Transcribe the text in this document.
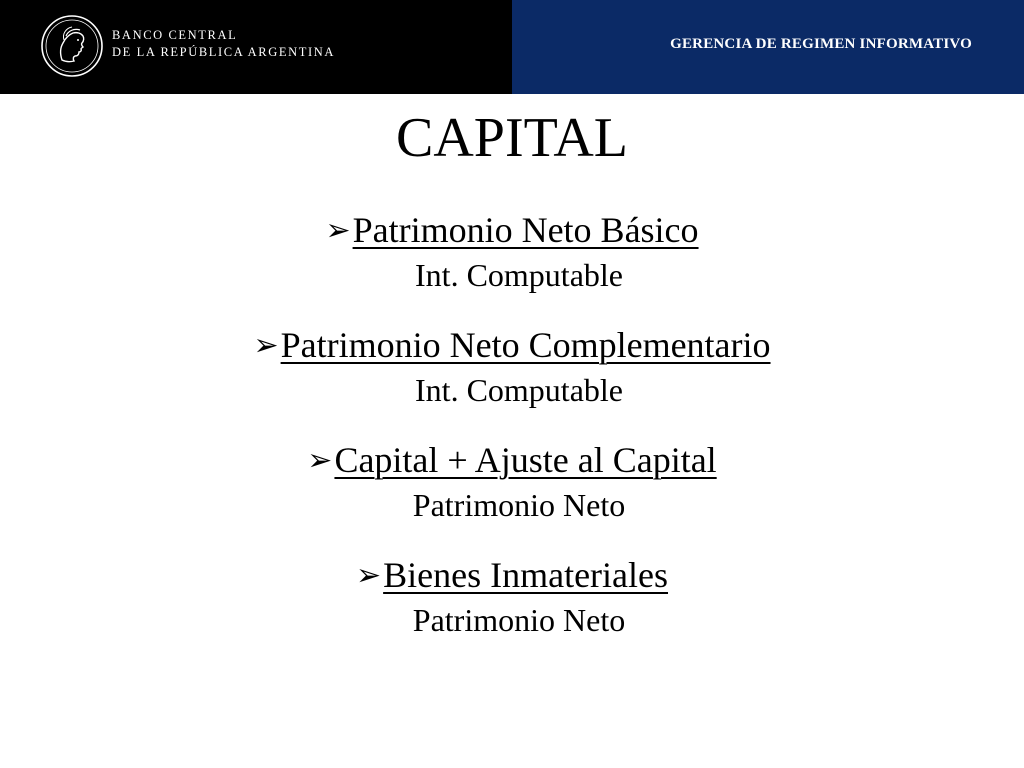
BANCO CENTRAL
DE LA REPÚBLICA ARGENTINA	GERENCIA DE REGIMEN INFORMATIVO
CAPITAL
➢Patrimonio Neto Básico
Int. Computable
➢Patrimonio Neto Complementario
Int. Computable
➢Capital + Ajuste al Capital
Patrimonio Neto
➢Bienes Inmateriales
Patrimonio Neto
